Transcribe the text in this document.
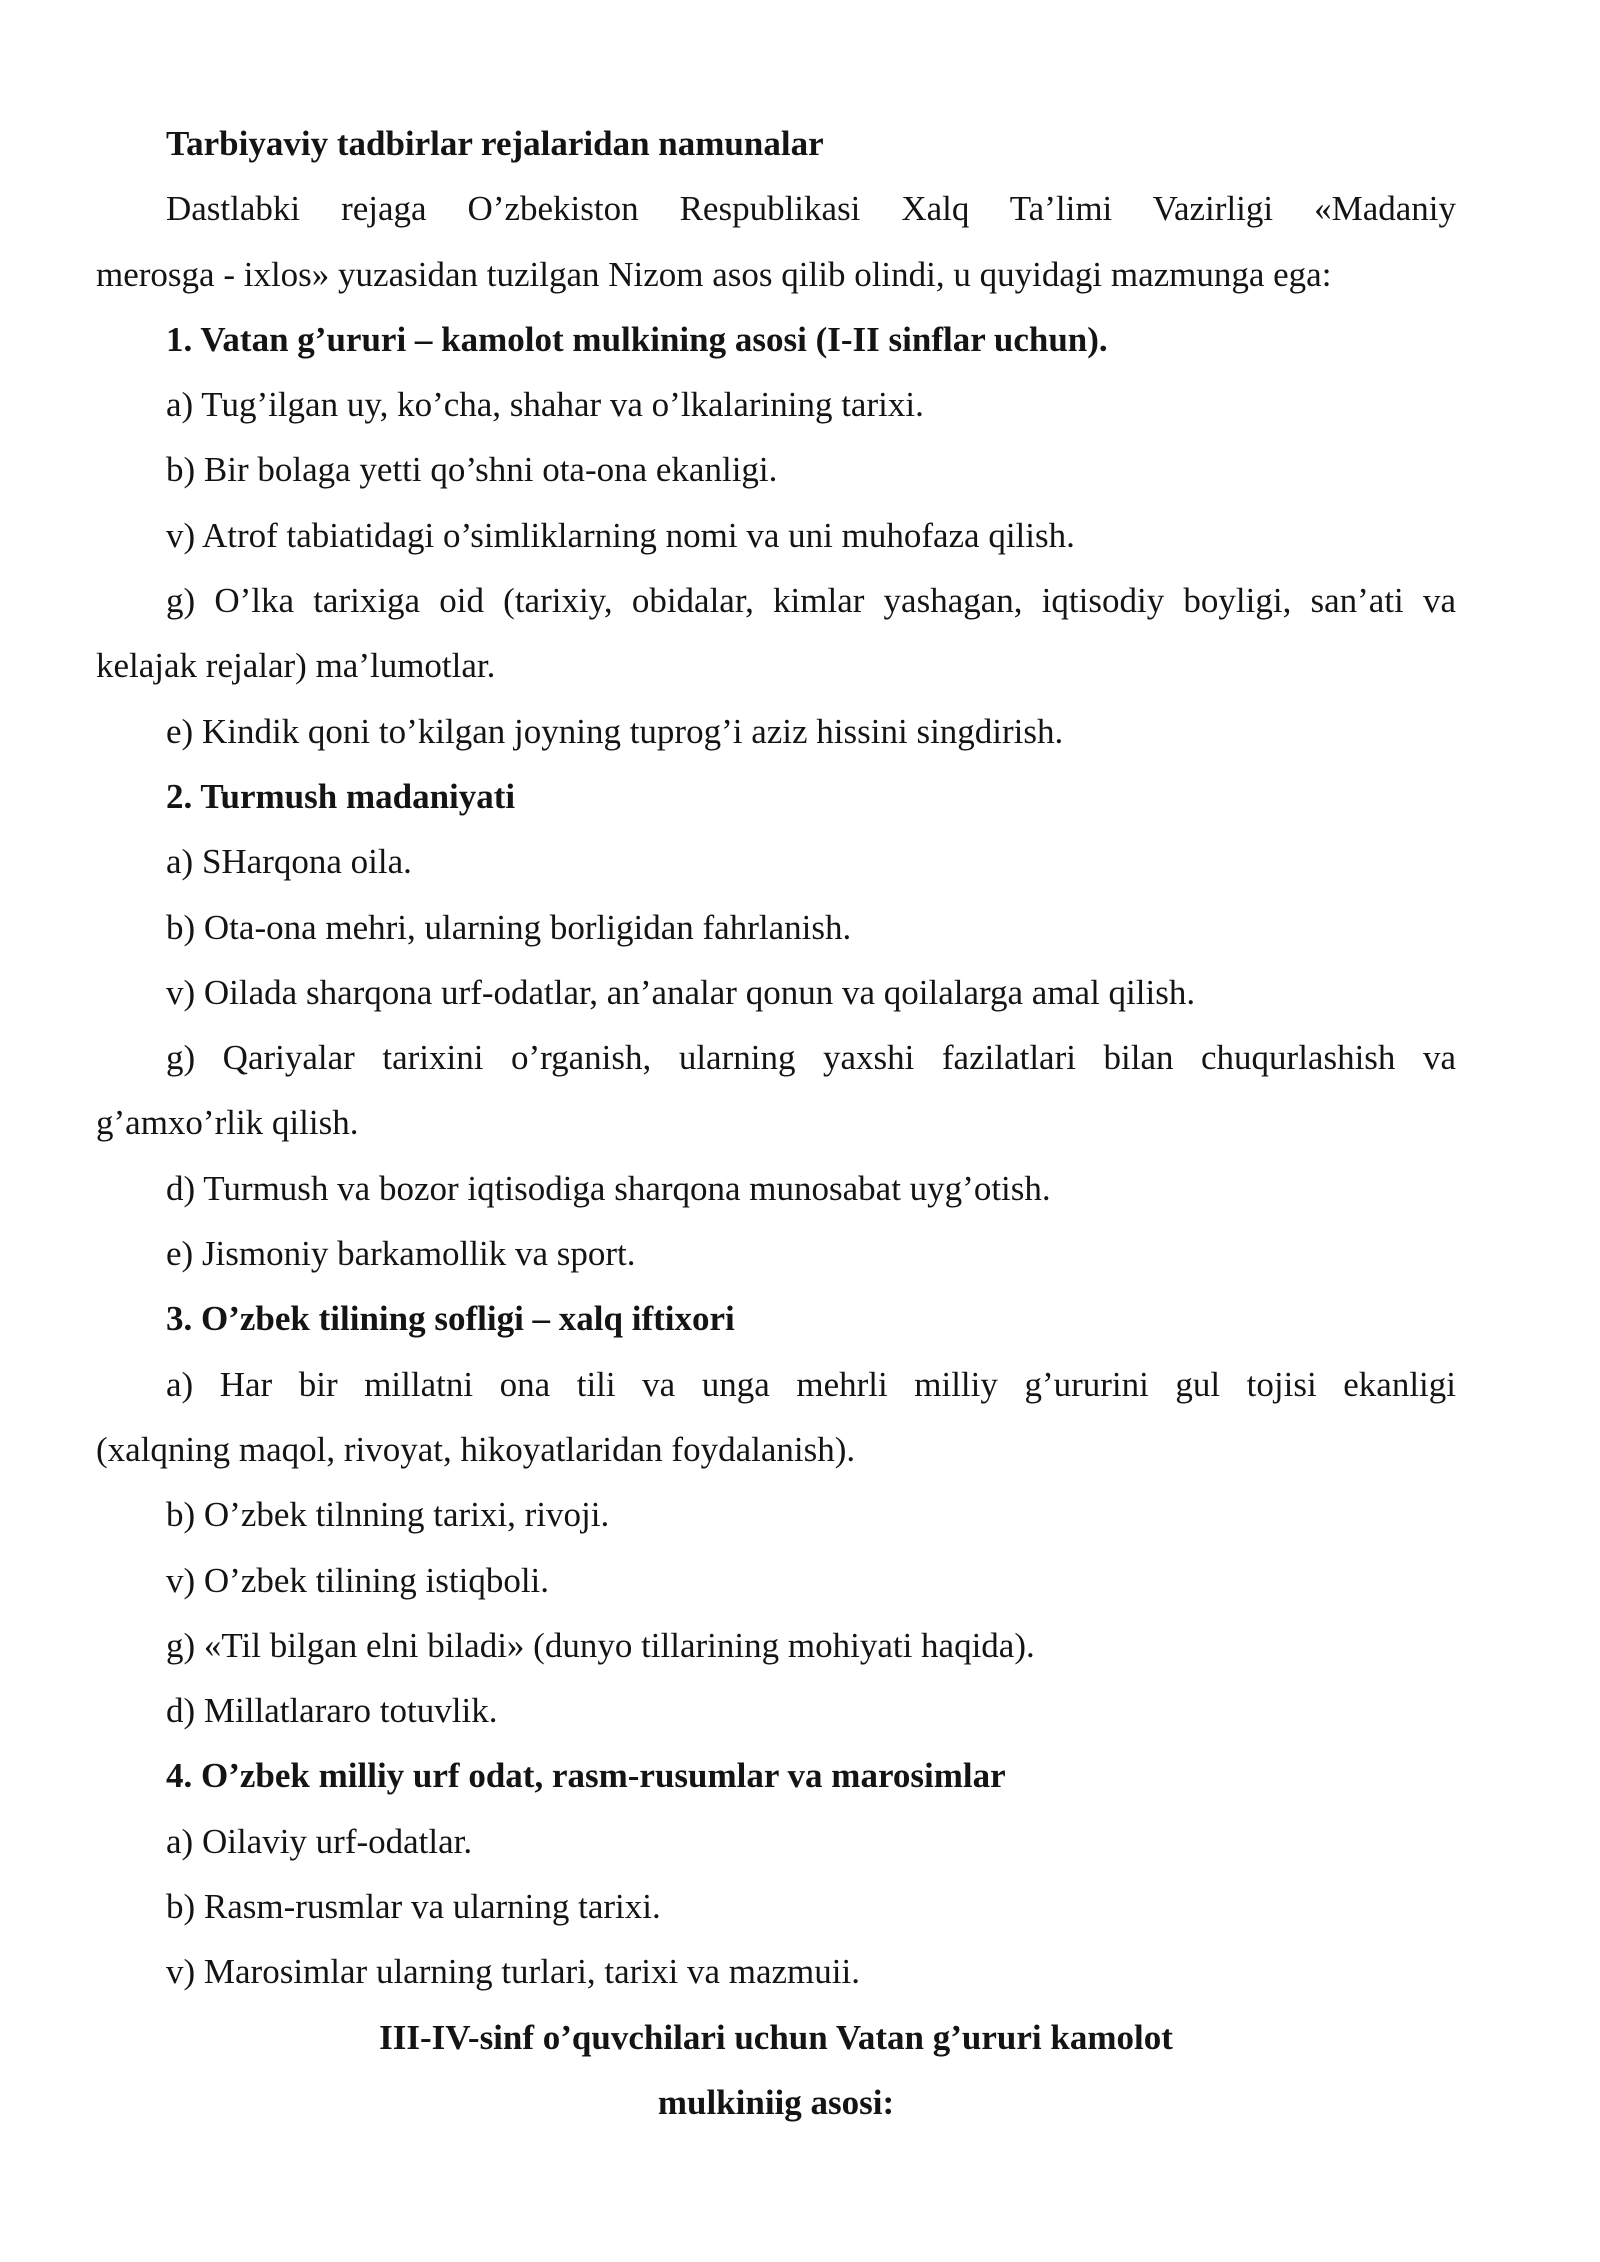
Tarbiyaviy tadbirlar rejalaridan namunalar
Dastlabki rejaga O’zbekiston Respublikasi Xalq Ta’limi Vazirligi «Madaniy
merosga - ixlos» yuzasidan tuzilgan Nizom asos qilib olindi, u quyidagi mazmunga ega:
1. Vatan g’ururi – kamolot mulkining asosi (I-II sinflar uchun).
a) Tug’ilgan uy, ko’cha, shahar va o’lkalarining tarixi.
b) Bir bolaga yetti qo’shni ota-ona ekanligi.
v) Atrof tabiatidagi o’simliklarning nomi va uni muhofaza qilish.
g) O’lka tarixiga oid (tarixiy, obidalar, kimlar yashagan, iqtisodiy boyligi, san’ati va
kelajak rejalar) ma’lumotlar.
e) Kindik qoni to’kilgan joyning tuprog’i aziz hissini singdirish.
2. Turmush madaniyati
a) SHarqona oila.
b) Ota-ona mehri, ularning borligidan fahrlanish.
v) Oilada sharqona urf-odatlar, an’analar qonun va qoilalarga amal qilish.
g) Qariyalar tarixini o’rganish, ularning yaxshi fazilatlari bilan chuqurlashish va
g’amxo’rlik qilish.
d) Turmush va bozor iqtisodiga sharqona munosabat uyg’otish.
e) Jismoniy barkamollik va sport.
3. O’zbek tilining sofligi – xalq iftixori
a) Har bir millatni ona tili va unga mehrli milliy g’ururini gul tojisi ekanligi
(xalqning maqol, rivoyat, hikoyatlaridan foydalanish).
b) O’zbek tilnning tarixi, rivoji.
v) O’zbek tilining istiqboli.
g) «Til bilgan elni biladi» (dunyo tillarining mohiyati haqida).
d) Millatlararo totuvlik.
4. O’zbek milliy urf odat, rasm-rusumlar va marosimlar
a) Oilaviy urf-odatlar.
b) Rasm-rusmlar va ularning tarixi.
v) Marosimlar ularning turlari, tarixi va mazmuii.
III-IV-sinf o’quvchilari uchun Vatan g’ururi kamolot
mulkiniig asosi:
